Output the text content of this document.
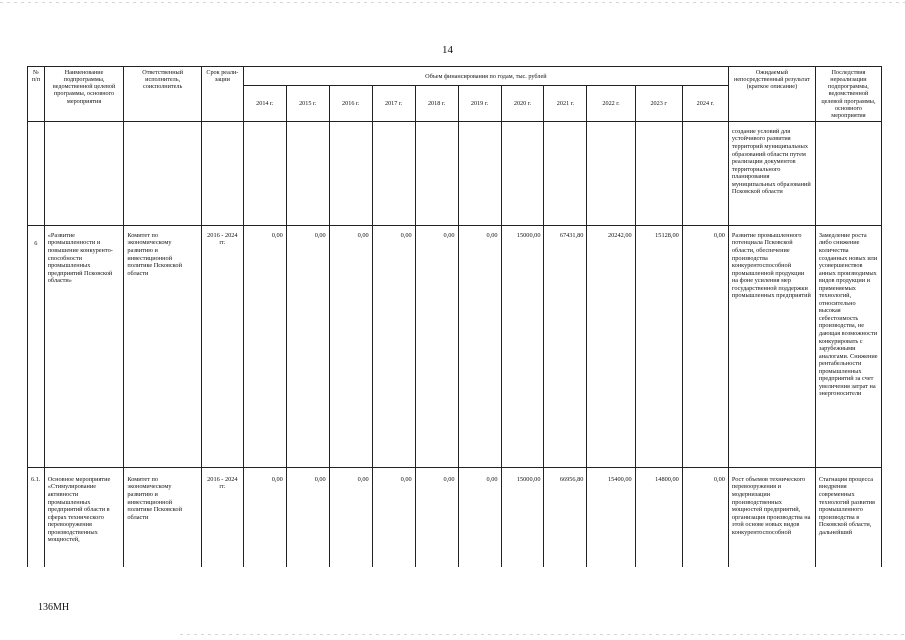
14
№ п/п	Наименование подпрограммы, ведомственной целевой программы, основного мероприятия	Ответственный исполнитель, соисполнитель	Срок реали-зации	Объем финансирования по годам, тыс. рублей											Ожидаемый непосредственный результат (краткое описание)	Последствия нереализации подпрограммы, ведомственной целевой программы, основного мероприятия
				2014 г.	2015 г.	2016 г.	2017 г.	2018 г.	2019 г.	2020 г.	2021 г.	2022 г.	2023 г	2024 г.		
															создание условий для устойчивого развития территорий муниципальных образований области путем реализации документов территориального планирования муниципальных образований Псковской области	
6	«Развитие промышленности и повышение конкуренто-способности промышленных предприятий Псковской области»	Комитет по экономическому развитию и инвестиционной политике Псковской области	2016 - 2024 гг.	0,00	0,00	0,00	0,00	0,00	0,00	15000,00	67431,80	20242,00	15128,00	0,00	Развитие промышленного потенциала Псковской области, обеспечение производства конкурентоспособной промышленной продукции на фоне усиления мер государственной поддержки промышленных предприятий	Замедление роста либо снижение количества созданных новых или усовершенствов анных производимых видов продукции и применяемых технологий, относительно высокая себестоимость производства, не дающая возможности конкурировать с зарубежными аналогами. Снижение рентабельности промышленных предприятий за счет увеличения затрат на энергоносители
6.1.	Основное мероприятие «Стимулирование активности промышленных предприятий области в сферах технического перевооружения производственных мощностей,	Комитет по экономическому развитию и инвестиционной политике Псковской области	2016 - 2024 гг.	0,00	0,00	0,00	0,00	0,00	0,00	15000,00	66956,80	15400,00	14800,00	0,00	Рост объемов технического перевооружения и модернизации производственных мощностей предприятий, организация производства на этой основе новых видов конкурентоспособной	Стагнация процесса внедрения современных технологий развития промышленного производства в Псковской области, дальнейший
136МН
